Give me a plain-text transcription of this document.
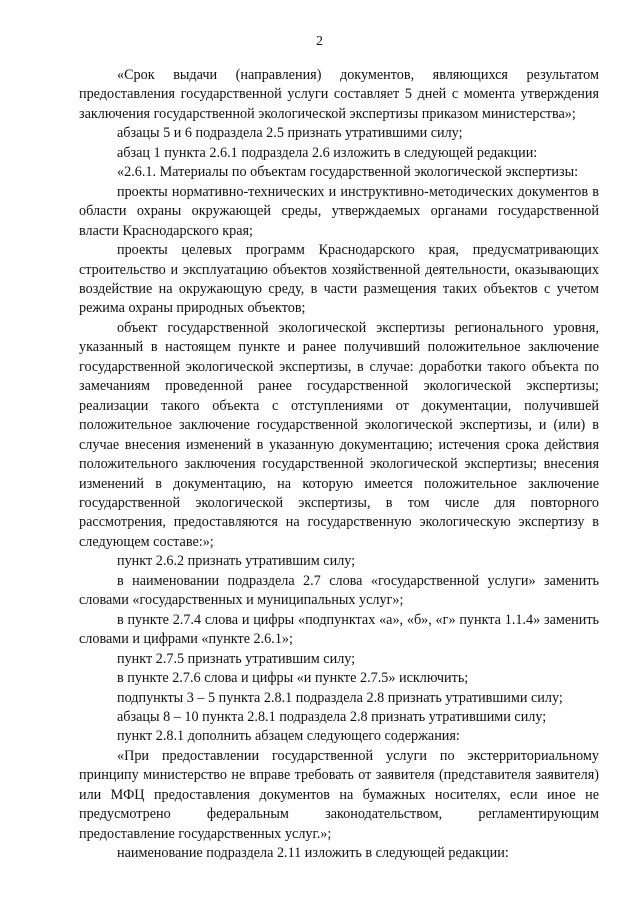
2

«Срок выдачи (направления) документов, являющихся результатом предоставления государственной услуги составляет 5 дней с момента утверждения заключения государственной экологической экспертизы приказом министерства»;

абзацы 5 и 6 подраздела 2.5 признать утратившими силу;

абзац 1 пункта 2.6.1 подраздела 2.6 изложить в следующей редакции:

«2.6.1. Материалы по объектам государственной экологической экспертизы:

проекты нормативно-технических и инструктивно-методических документов в области охраны окружающей среды, утверждаемых органами государственной власти Краснодарского края;

проекты целевых программ Краснодарского края, предусматривающих строительство и эксплуатацию объектов хозяйственной деятельности, оказывающих воздействие на окружающую среду, в части размещения таких объектов с учетом режима охраны природных объектов;

объект государственной экологической экспертизы регионального уровня, указанный в настоящем пункте и ранее получивший положительное заключение государственной экологической экспертизы, в случае: доработки такого объекта по замечаниям проведенной ранее государственной экологической экспертизы; реализации такого объекта с отступлениями от документации, получившей положительное заключение государственной экологической экспертизы, и (или) в случае внесения изменений в указанную документацию; истечения срока действия положительного заключения государственной экологической экспертизы; внесения изменений в документацию, на которую имеется положительное заключение государственной экологической экспертизы, в том числе для повторного рассмотрения, предоставляются на государственную экологическую экспертизу в следующем составе:»;

пункт 2.6.2 признать утратившим силу;

в наименовании подраздела 2.7 слова «государственной услуги» заменить словами «государственных и муниципальных услуг»;

в пункте 2.7.4 слова и цифры «подпунктах «а», «б», «г» пункта 1.1.4» заменить словами и цифрами «пункте 2.6.1»;

пункт 2.7.5 признать утратившим силу;

в пункте 2.7.6 слова и цифры «и пункте 2.7.5» исключить;

подпункты 3 – 5 пункта 2.8.1 подраздела 2.8 признать утратившими силу;

абзацы 8 – 10 пункта 2.8.1 подраздела 2.8 признать утратившими силу;

пункт 2.8.1 дополнить абзацем следующего содержания:

«При предоставлении государственной услуги по экстерриториальному принципу министерство не вправе требовать от заявителя (представителя заявителя) или МФЦ предоставления документов на бумажных носителях, если иное не предусмотрено федеральным законодательством, регламентирующим предоставление государственных услуг.»;

наименование подраздела 2.11 изложить в следующей редакции:
